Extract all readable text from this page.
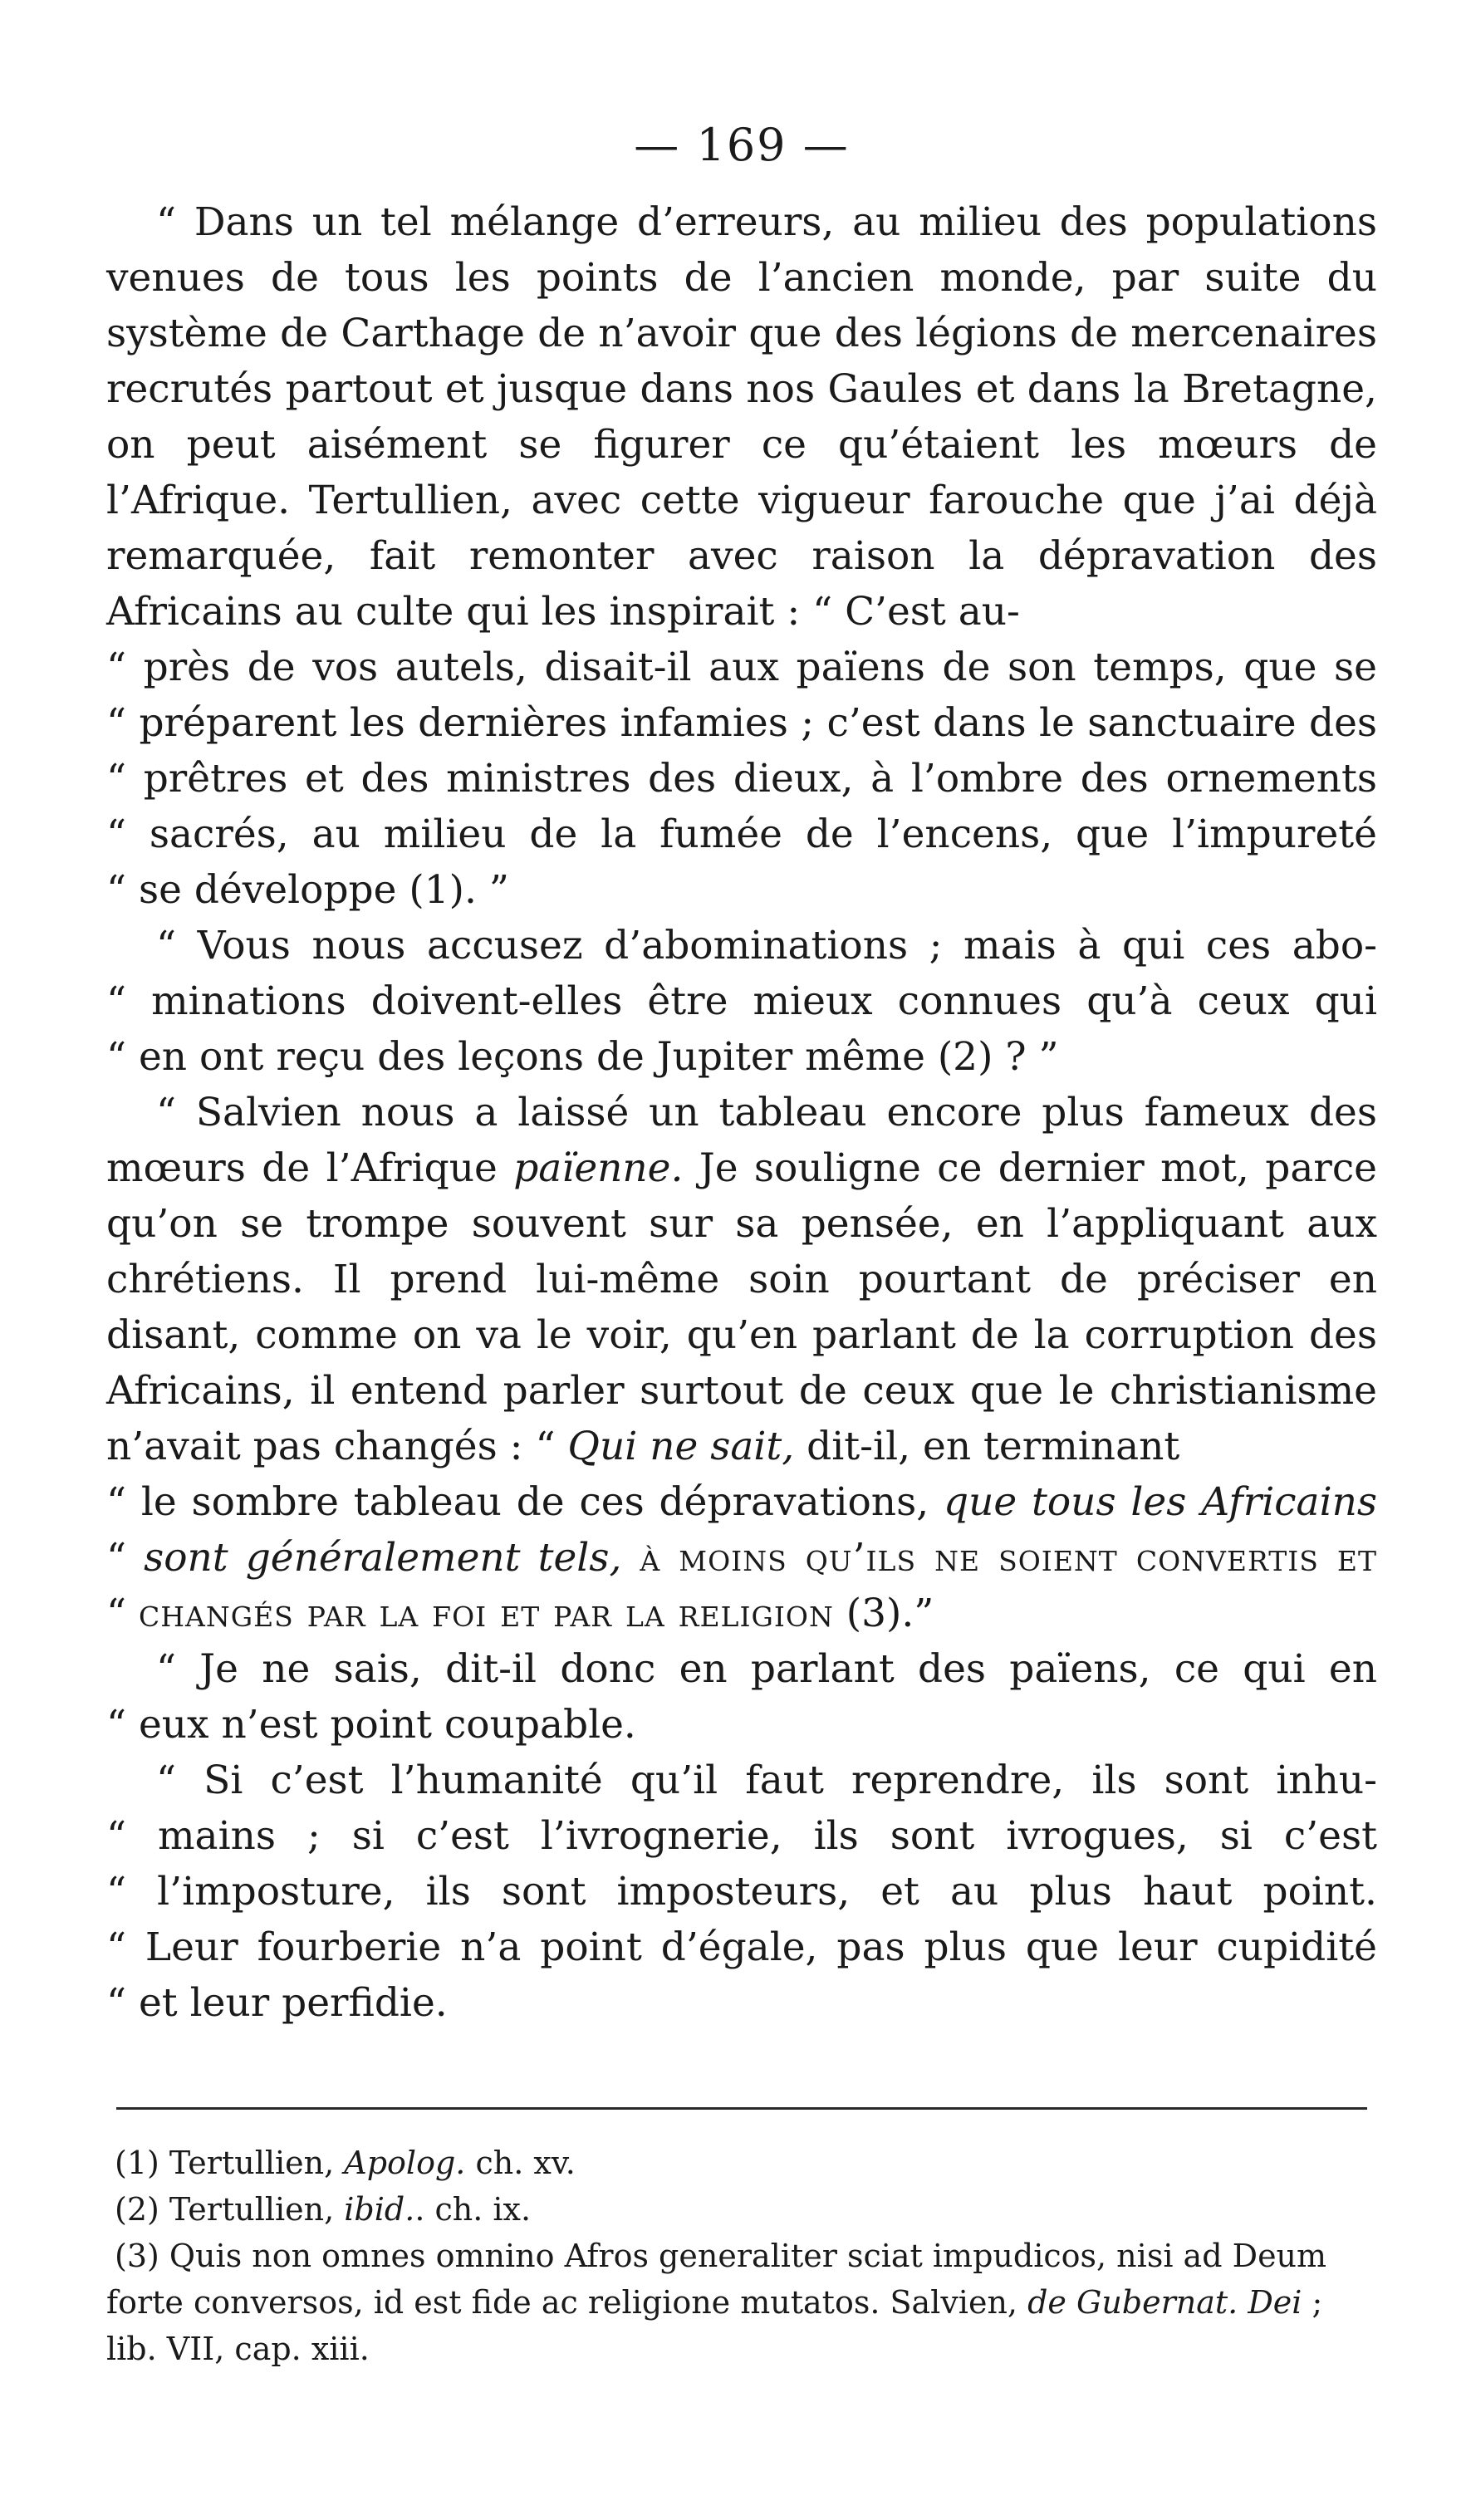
— 169 —

“ Dans un tel mélange d’erreurs, au milieu des populations venues de tous les points de l’ancien monde, par suite du système de Carthage de n’avoir que des légions de mercenaires recrutés partout et jusque dans nos Gaules et dans la Bretagne, on peut aisément se figurer ce qu’étaient les mœurs de l’Afrique. Tertullien, avec cette vigueur farouche que j’ai déjà remarquée, fait remonter avec raison la dépravation des Africains au culte qui les inspirait : “ C’est au-

“ près de vos autels, disait-il aux païens de son temps, que se
“ préparent les dernières infamies ; c’est dans le sanctuaire des
“ prêtres et des ministres des dieux, à l’ombre des ornements
“ sacrés, au milieu de la fumée de l’encens, que l’impureté
“ se développe (1). ”

“ Vous nous accusez d’abominations ; mais à qui ces abo-

“ minations doivent-elles être mieux connues qu’à ceux qui
“ en ont reçu des leçons de Jupiter même (2) ? ”

“ Salvien nous a laissé un tableau encore plus fameux des mœurs de l’Afrique païenne. Je souligne ce dernier mot, parce qu’on se trompe souvent sur sa pensée, en l’appliquant aux chrétiens. Il prend lui-même soin pourtant de préciser en disant, comme on va le voir, qu’en parlant de la corruption des Africains, il entend parler surtout de ceux que le christianisme n’avait pas changés : “ Qui ne sait, dit-il, en terminant

“ le sombre tableau de ces dépravations, que tous les Africains
“ sont généralement tels, à moins qu’ils ne soient convertis et
“ changés par la foi et par la religion (3).”

“ Je ne sais, dit-il donc en parlant des païens, ce qui en

“ eux n’est point coupable.

“ Si c’est l’humanité qu’il faut reprendre, ils sont inhu-

“ mains ; si c’est l’ivrognerie, ils sont ivrogues, si c’est
“ l’imposture, ils sont imposteurs, et au plus haut point.
“ Leur fourberie n’a point d’égale, pas plus que leur cupidité
“ et leur perfidie.

(1) Tertullien, Apolog. ch. xv.

(2) Tertullien, ibid.. ch. ix.

(3) Quis non omnes omnino Afros generaliter sciat impudicos, nisi ad Deum forte conversos, id est fide ac religione mutatos. Salvien, de Gubernat. Dei ; lib. VII, cap. xiii.
